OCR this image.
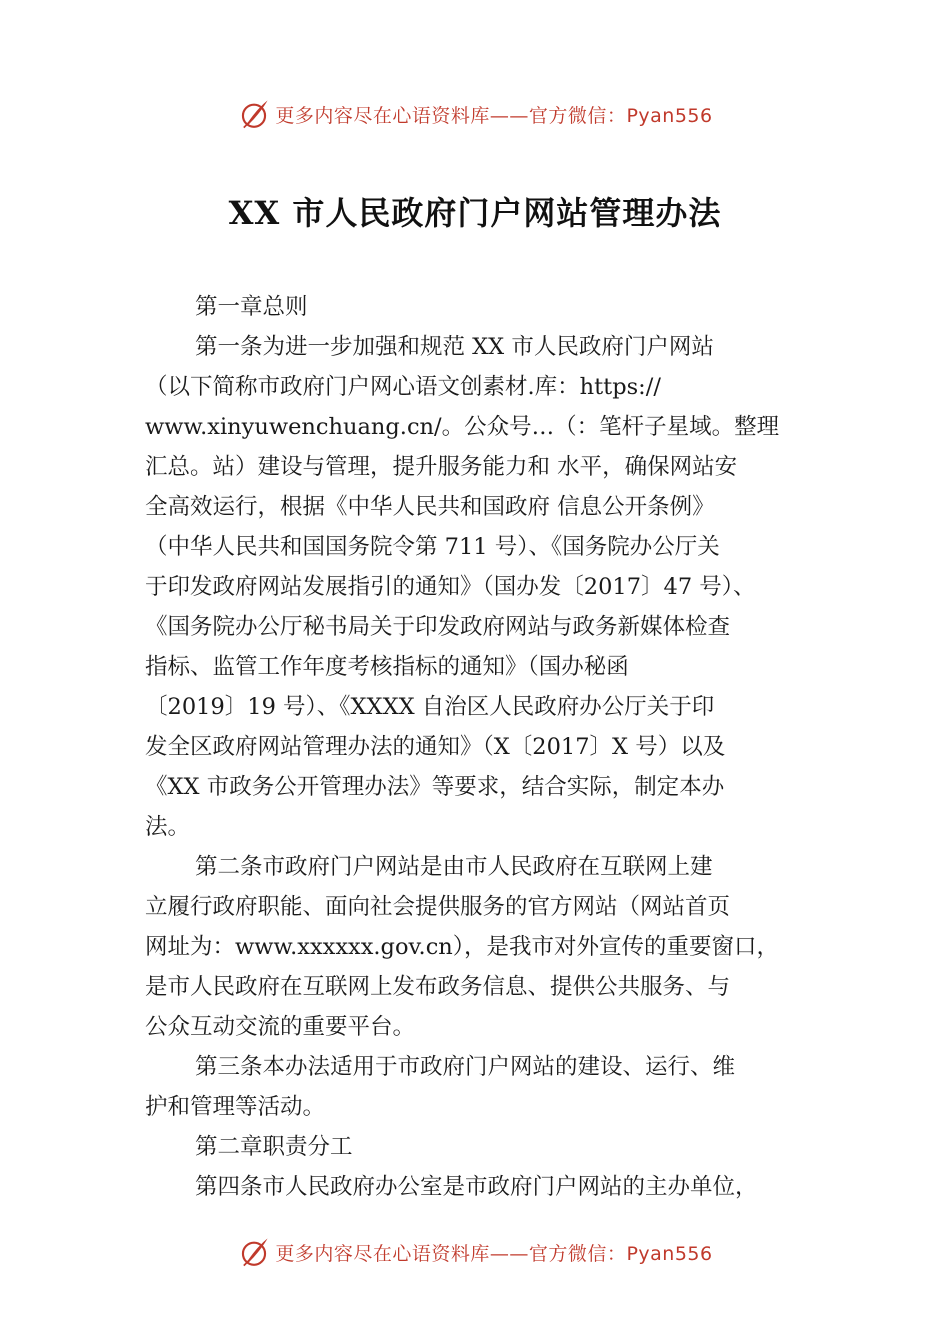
更多内容尽在心语资料库——官方微信：Pyan556
XX 市人民政府门户网站管理办法
第一章总则
第一条为进一步加强和规范 XX 市人民政府门户网站
（以下简称市政府门户网心语文创素材.库：https://
www.xinyuwenchuang.cn/。公众号…（：笔杆子星域。整理
汇总。站）建设与管理，提升服务能力和 水平，确保网站安
全高效运行，根据《中华人民共和国政府 信息公开条例》
（中华人民共和国国务院令第 711 号）、《国务院办公厅关
于印发政府网站发展指引的通知》（国办发〔2017〕47 号）、
《国务院办公厅秘书局关于印发政府网站与政务新媒体检查
指标、监管工作年度考核指标的通知》（国办秘函
〔2019〕19 号）、《XXXX 自治区人民政府办公厅关于印
发全区政府网站管理办法的通知》（X〔2017〕X 号）以及
《XX 市政务公开管理办法》等要求，结合实际，制定本办
法。
第二条市政府门户网站是由市人民政府在互联网上建
立履行政府职能、面向社会提供服务的官方网站（网站首页
网址为：www.xxxxxx.gov.cn），是我市对外宣传的重要窗口，
是市人民政府在互联网上发布政务信息、提供公共服务、与
公众互动交流的重要平台。
第三条本办法适用于市政府门户网站的建设、运行、维
护和管理等活动。
第二章职责分工
第四条市人民政府办公室是市政府门户网站的主办单位，
更多内容尽在心语资料库——官方微信：Pyan556
